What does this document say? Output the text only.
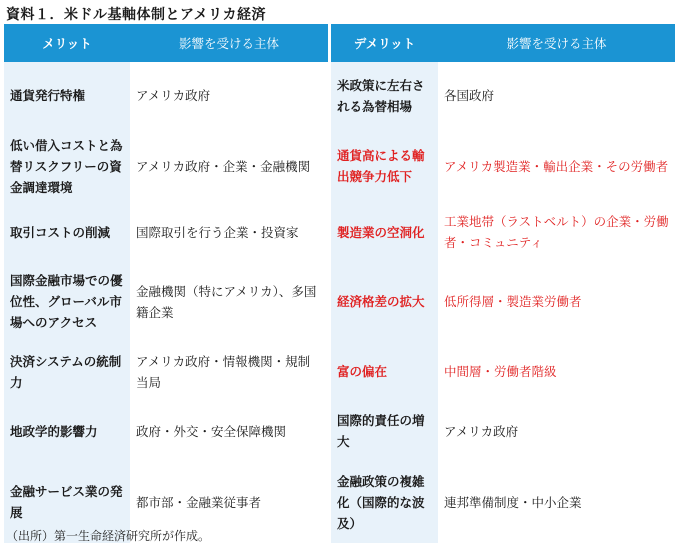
資料１．米ドル基軸体制とアメリカ経済
メリット	影響を受ける主体	デメリット	影響を受ける主体
通貨発行特権	アメリカ政府	米政策に左右される為替相場	各国政府
低い借入コストと為替リスクフリーの資金調達環境	アメリカ政府・企業・金融機関	通貨高による輸出競争力低下	アメリカ製造業・輸出企業・その労働者
取引コストの削減	国際取引を行う企業・投資家	製造業の空洞化	工業地帯（ラストベルト）の企業・労働者・コミュニティ
国際金融市場での優位性、グローバル市場へのアクセス	金融機関（特にアメリカ）、多国籍企業	経済格差の拡大	低所得層・製造業労働者
決済システムの統制力	アメリカ政府・情報機関・規制当局	富の偏在	中間層・労働者階級
地政学的影響力	政府・外交・安全保障機関	国際的責任の増大	アメリカ政府
金融サービス業の発展	都市部・金融業従事者	金融政策の複雑化（国際的な波及）	連邦準備制度・中小企業
（出所）第一生命経済研究所が作成。
